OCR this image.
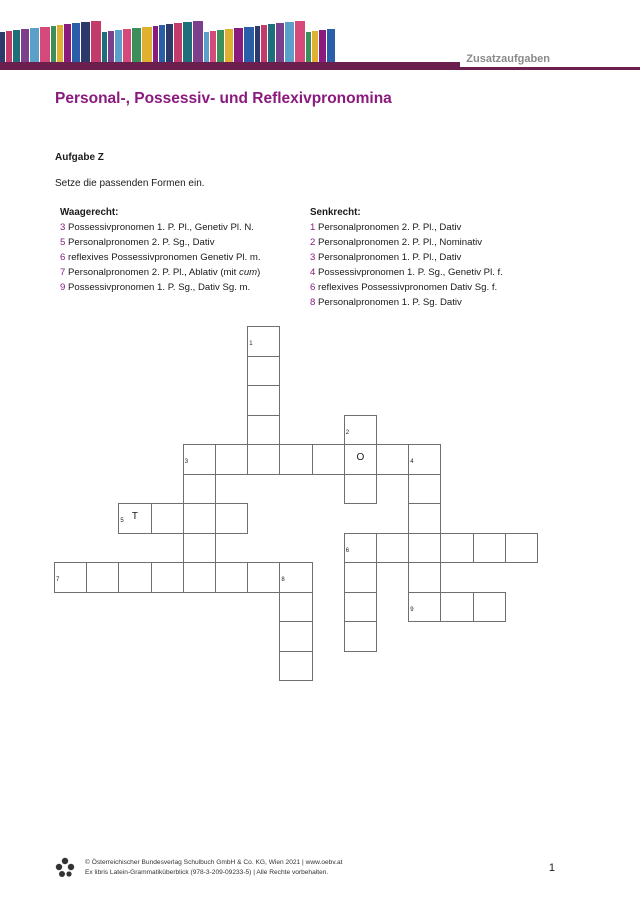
Zusatzaufgaben
Personal-, Possessiv- und Reflexivpronomina
Aufgabe Z
Setze die passenden Formen ein.
Waagerecht:
3 Possessivpronomen 1. P. Pl., Genetiv Pl. N.
5 Personalpronomen 2. P. Sg., Dativ
6 reflexives Possessivpronomen Genetiv Pl. m.
7 Personalpronomen 2. P. Pl., Ablativ (mit cum)
9 Possessivpronomen 1. P. Sg., Dativ Sg. m.
Senkrecht:
1 Personalpronomen 2. P. Pl., Dativ
2 Personalpronomen 2. P. Pl., Nominativ
3 Personalpronomen 1. P. Pl., Dativ
4 Possessivpronomen 1. P. Sg., Genetiv Pl. f.
6 reflexives Possessivpronomen Dativ Sg. f.
8 Personalpronomen 1. P. Sg. Dativ
1
2
3	O	4
5 T
6
7	8
9
© Österreichischer Bundesverlag Schulbuch GmbH & Co. KG, Wien 2021 | www.oebv.at
Ex libris Latein-Grammatiküberblick (978-3-209-09233-5) | Alle Rechte vorbehalten.	1
